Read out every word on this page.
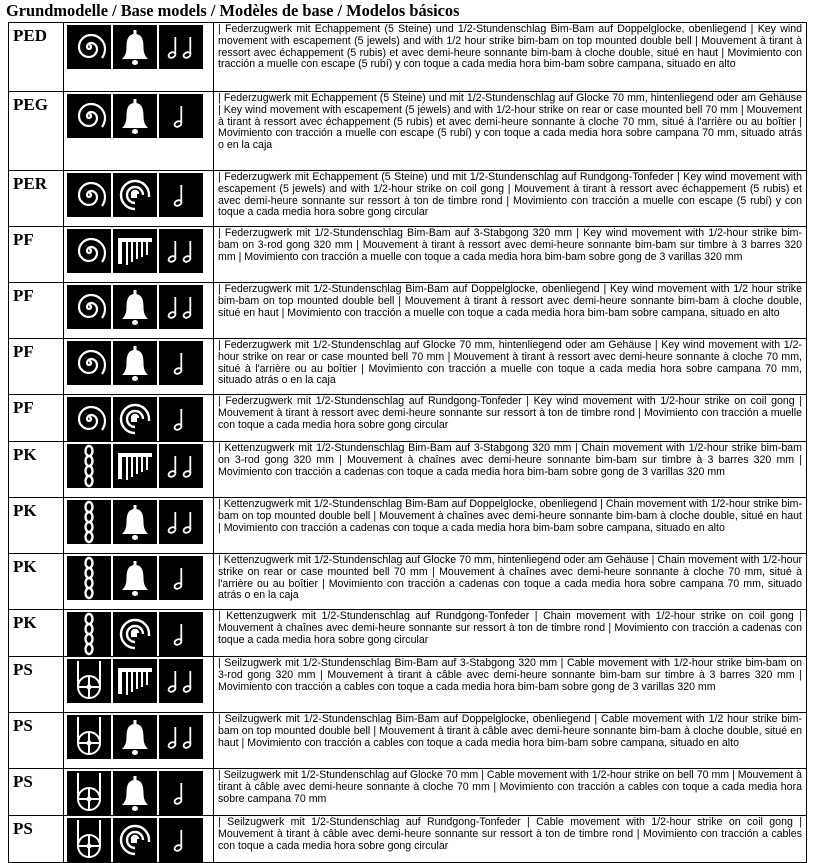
Grundmodelle / Base models / Modèles de base / Modelos básicos
PED		| Federzugwerk mit Echappement (5 Steine) und 1/2-Stundenschlag Bim-Bam auf Doppelglocke, obenliegend | Key wind movement with escapement (5 jewels) and with 1/2 hour strike bim-bam on top mounted double bell | Mouvement à tirant à ressort avec échappement (5 rubis) et avec demi-heure sonnante bim-bam à cloche double, situé en haut | Movimiento con tracción a muelle con escape (5 rubí) y con toque a cada media hora bim-bam sobre campana, situado en alto
PEG		| Federzugwerk mit Echappement (5 Steine) und mit 1/2-Stundenschlag auf Glocke 70 mm, hintenliegend oder am Gehäuse | Key wind movement with escapement (5 jewels) and with 1/2-hour strike on rear or case mounted bell 70 mm | Mouvement à tirant à ressort avec échappement (5 rubis) et avec demi-heure sonnante à cloche 70 mm, situé à l'arrière ou au boîtier | Movimiento con tracción a muelle con escape (5 rubí) y con toque a cada media hora sobre campana 70 mm, situado atrás o en la caja
PER		| Federzugwerk mit Echappement (5 Steine) und mit 1/2-Stundenschlag auf Rundgong-Tonfeder | Key wind movement with escapement (5 jewels) and with 1/2-hour strike on coil gong | Mouvement à tirant à ressort avec échappement (5 rubis) et avec demi-heure sonnante sur ressort à ton de timbre rond | Movimiento con tracción a muelle con escape (5 rubí) y con toque a cada media hora sobre gong circular
PF		| Federzugwerk mit 1/2-Stundenschlag Bim-Bam auf 3-Stabgong 320 mm | Key wind movement with 1/2-hour strike bim-bam on 3-rod gong 320 mm | Mouvement à tirant à ressort avec demi-heure sonnante bim-bam sur timbre à 3 barres 320 mm | Movimiento con tracción a muelle con toque a cada media hora bim-bam sobre gong de 3 varillas 320 mm
PF		| Federzugwerk mit 1/2-Stundenschlag Bim-Bam auf Doppelglocke, obenliegend | Key wind movement with 1/2 hour strike bim-bam on top mounted double bell | Mouvement à tirant à ressort avec demi-heure sonnante bim-bam à cloche double, situé en haut | Movimiento con tracción a muelle con toque a cada media hora bim-bam sobre campana, situado en alto
PF		| Federzugwerk mit 1/2-Stundenschlag auf Glocke 70 mm, hintenliegend oder am Gehäuse | Key wind movement with 1/2-hour strike on rear or case mounted bell 70 mm | Mouvement à tirant à ressort avec demi-heure sonnante à cloche 70 mm, situé à l'arrière ou au boîtier | Movimiento con tracción a muelle con toque a cada media hora sobre campana 70 mm, situado atrás o en la caja
PF		| Federzugwerk mit 1/2-Stundenschlag auf Rundgong-Tonfeder | Key wind movement with 1/2-hour strike on coil gong | Mouvement à tirant à ressort avec demi-heure sonnante sur ressort à ton de timbre rond | Movimiento con tracción a muelle con toque a cada media hora sobre gong circular
PK		| Kettenzugwerk mit 1/2-Stundenschlag Bim-Bam auf 3-Stabgong 320 mm | Chain movement with 1/2-hour strike bim-bam on 3-rod gong 320 mm | Mouvement à chaînes avec demi-heure sonnante bim-bam sur timbre à 3 barres 320 mm | Movimiento con tracción a cadenas con toque a cada media hora bim-bam sobre gong de 3 varillas 320 mm
PK		| Kettenzugwerk mit 1/2-Stundenschlag Bim-Bam auf Doppelglocke, obenliegend | Chain movement with 1/2-hour strike bim-bam on top mounted double bell | Mouvement à chaînes avec demi-heure sonnante bim-bam à cloche double, situé en haut | Movimiento con tracción a cadenas con toque a cada media hora bim-bam sobre campana, situado en alto
PK		| Kettenzugwerk mit 1/2-Stundenschlag auf Glocke 70 mm, hintenliegend oder am Gehäuse | Chain movement with 1/2-hour strike on rear or case mounted bell 70 mm | Mouvement à chaînes avec demi-heure sonnante à cloche 70 mm, situé à l'arrière ou au boîtier | Movimiento con tracción a cadenas con toque a cada media hora sobre campana 70 mm, situado atrás o en la caja
PK		| Kettenzugwerk mit 1/2-Stundenschlag auf Rundgong-Tonfeder | Chain movement with 1/2-hour strike on coil gong | Mouvement à chaînes avec demi-heure sonnante sur ressort à ton de timbre rond | Movimiento con tracción a cadenas con toque a cada media hora sobre gong circular
PS		| Seilzugwerk mit 1/2-Stundenschlag Bim-Bam auf 3-Stabgong 320 mm | Cable movement with 1/2-hour strike bim-bam on 3-rod gong 320 mm | Mouvement à tirant à câble avec demi-heure sonnante bim-bam sur timbre à 3 barres 320 mm | Movimiento con tracción a cables con toque a cada media hora bim-bam sobre gong de 3 varillas 320 mm
PS		| Seilzugwerk mit 1/2-Stundenschlag Bim-Bam auf Doppelglocke, obenliegend | Cable movement with 1/2 hour strike bim-bam on top mounted double bell | Mouvement à tirant à câble avec demi-heure sonnante bim-bam à cloche double, situé en haut | Movimiento con tracción a cables con toque a cada media hora bim-bam sobre campana, situado en alto
PS		| Seilzugwerk mit 1/2-Stundenschlag auf Glocke 70 mm | Cable movement with 1/2-hour strike on bell 70 mm | Mouvement à tirant à câble avec demi-heure sonnante à cloche 70 mm | Movimiento con tracción a cables con toque a cada media hora sobre campana 70 mm
PS		| Seilzugwerk mit 1/2-Stundenschlag auf Rundgong-Tonfeder | Cable movement with 1/2-hour strike on coil gong | Mouvement à tirant à câble avec demi-heure sonnante sur ressort à ton de timbre rond | Movimiento con tracción a cables con toque a cada media hora sobre gong circular
